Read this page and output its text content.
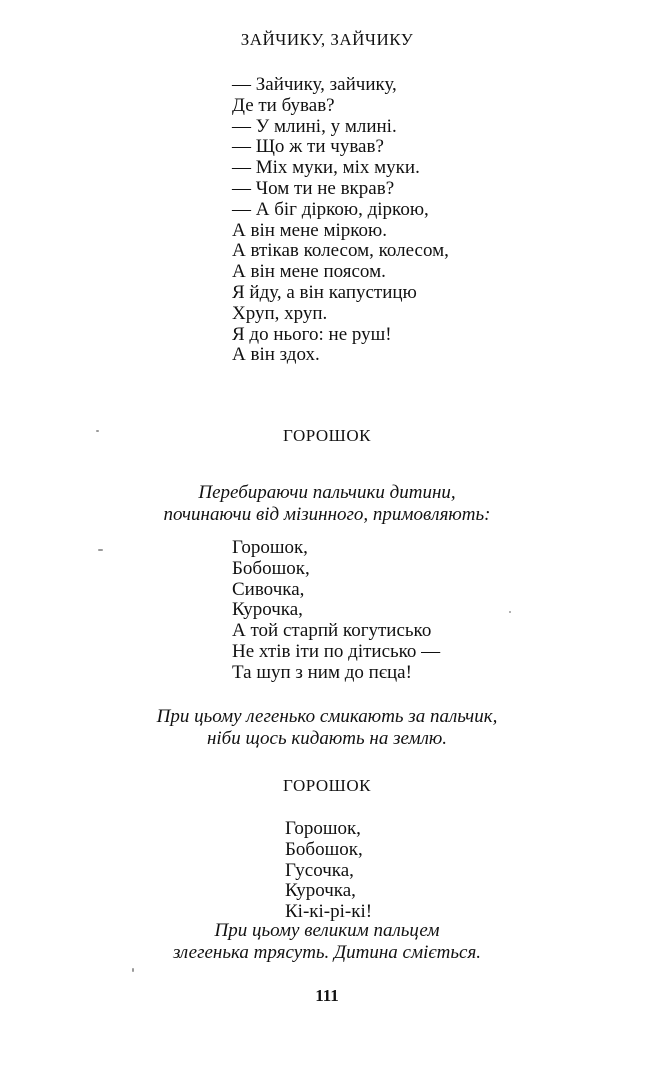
ЗАЙЧИКУ, ЗАЙЧИКУ
— Зайчику, зайчику,
Де ти бував?
— У млині, у млині.
— Що ж ти чував?
— Міх муки, міх муки.
— Чом ти не вкрав?
— А біг діркою, діркою,
А він мене міркою.
А втікав колесом, колесом,
А він мене поясом.
Я йду, а він капустицю
Хруп, хруп.
Я до нього: не руш!
А він здох.
ГОРОШОК
Перебираючи пальчики дитини,
починаючи від мізинного, примовляють:
Горошок,
Бобошок,
Сивочка,
Курочка,
А той старпй когутисько
Не хтів іти по дітисько —
Та шуп з ним до пєца!
При цьому легенько смикають за пальчик,
ніби щось кидають на землю.
ГОРОШОК
Горошок,
Бобошок,
Гусочка,
Курочка,
Кі-кі-рі-кі!
При цьому великим пальцем
злегенька трясуть. Дитина сміється.
111
